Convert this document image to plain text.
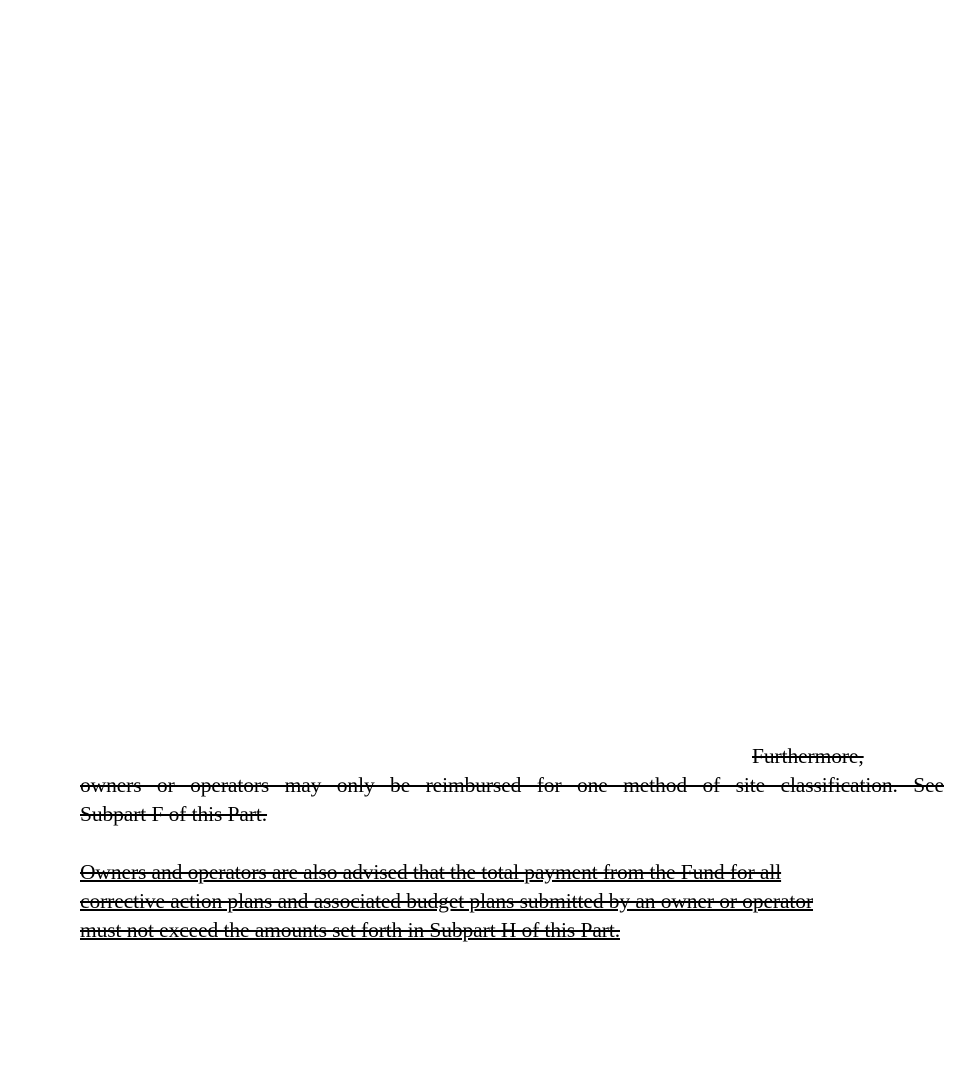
Furthermore,
owners or operators may only be reimbursed for one method of site classification. See
Subpart F of this Part.
Owners and operators are also advised that the total payment from the Fund for all
corrective action plans and associated budget plans submitted by an owner or operator
must not exceed the amounts set forth in Subpart H of this Part.
